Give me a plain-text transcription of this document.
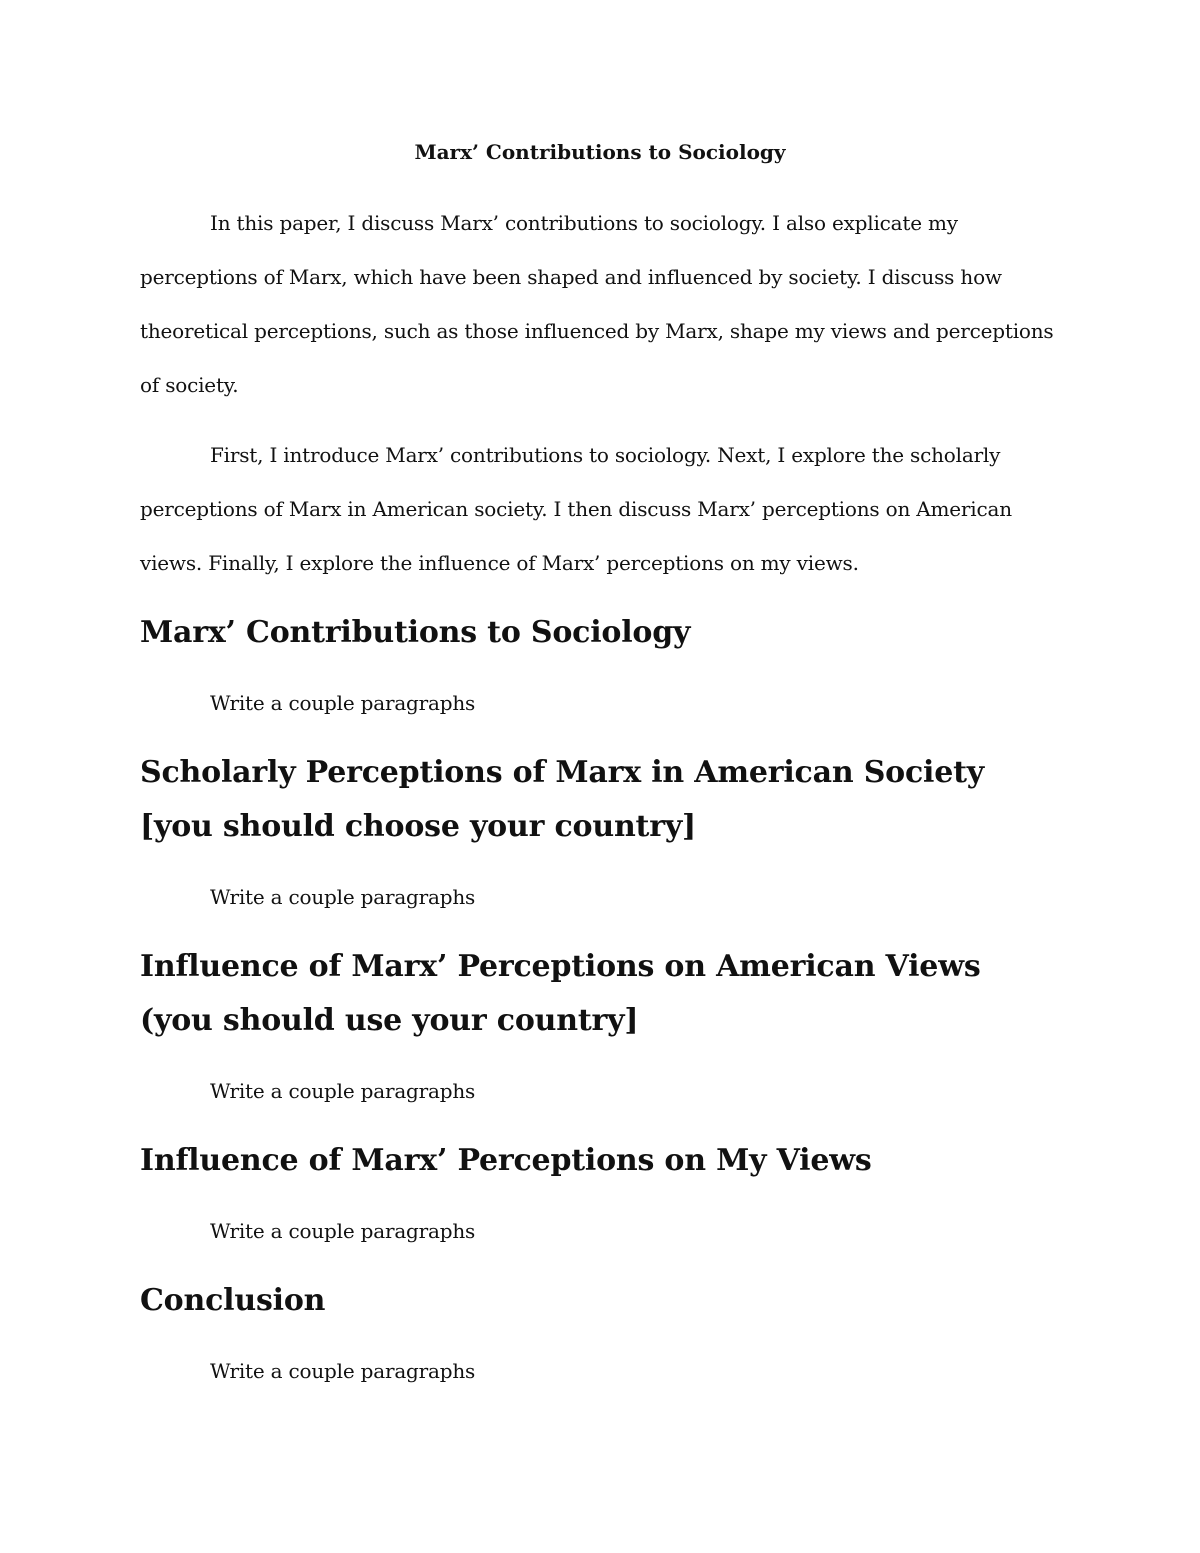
Marx’ Contributions to Sociology

In this paper, I discuss Marx’ contributions to sociology. I also explicate my perceptions of Marx, which have been shaped and influenced by society. I discuss how theoretical perceptions, such as those influenced by Marx, shape my views and perceptions of society.

First, I introduce Marx’ contributions to sociology. Next, I explore the scholarly perceptions of Marx in American society. I then discuss Marx’ perceptions on American views. Finally, I explore the influence of Marx’ perceptions on my views.

Marx’ Contributions to Sociology

Write a couple paragraphs

Scholarly Perceptions of Marx in American Society [you should choose your country]

Write a couple paragraphs

Influence of Marx’ Perceptions on American Views (you should use your country]

Write a couple paragraphs

Influence of Marx’ Perceptions on My Views

Write a couple paragraphs

Conclusion

Write a couple paragraphs
